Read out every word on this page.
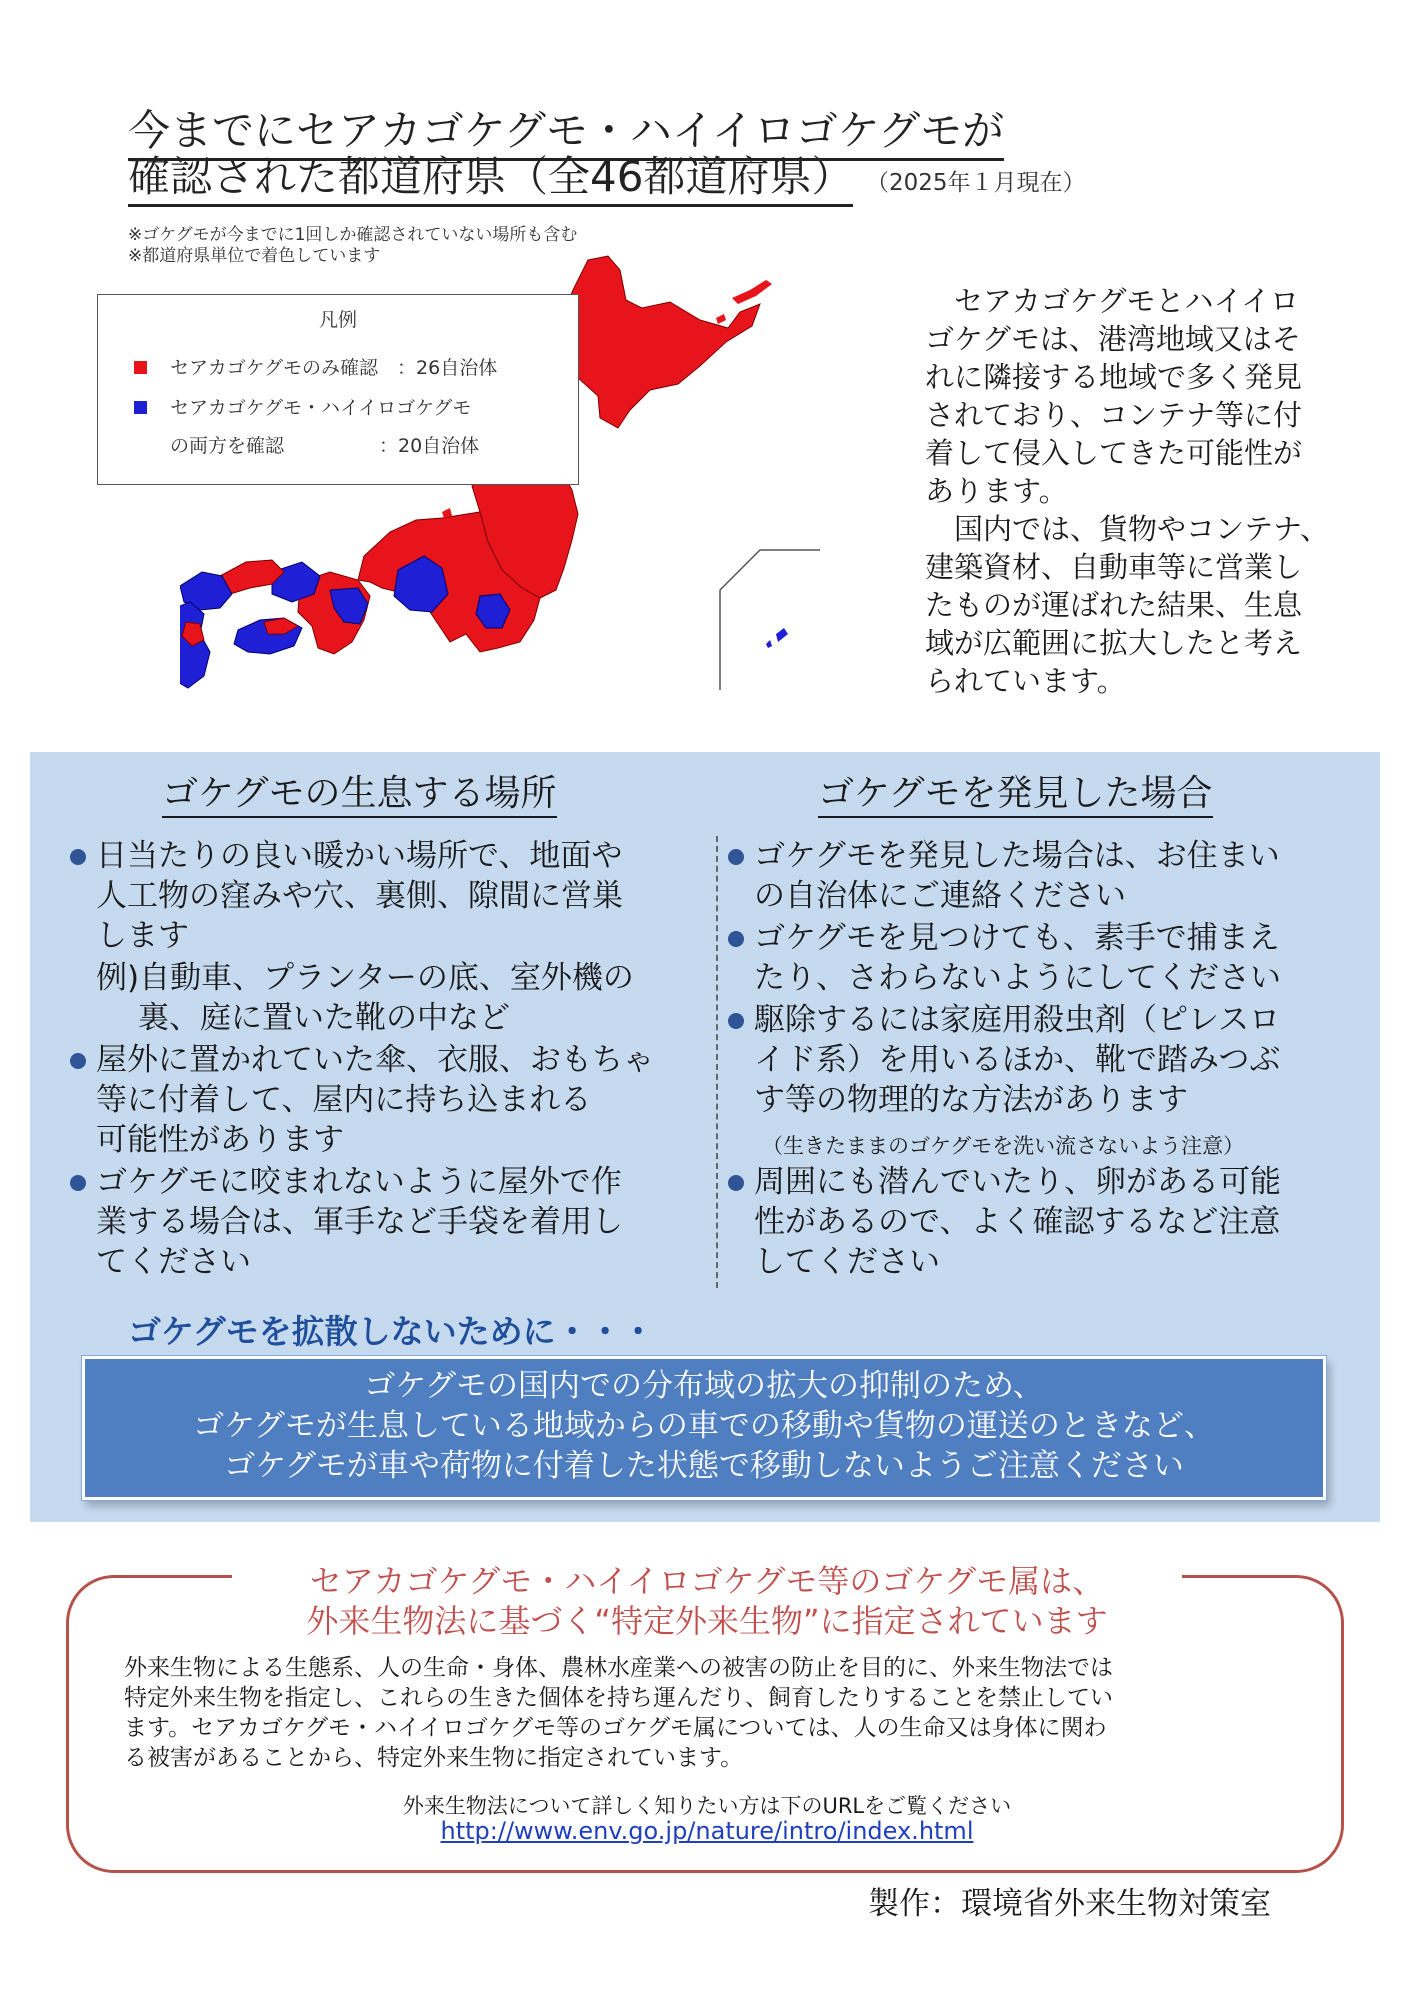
今までにセアカゴケグモ・ハイイロゴケグモが
確認された都道府県（全46都道府県） （2025年１月現在）
※ゴケグモが今までに1回しか確認されていない場所も含む
※都道府県単位で着色しています
凡例
セアカゴケグモのみ確認　：26自治体
セアカゴケグモ・ハイイロゴケグモ
の両方を確認　　　　　：20自治体
　セアカゴケグモとハイイロ
ゴケグモは、港湾地域又はそ
れに隣接する地域で多く発見
されており、コンテナ等に付
着して侵入してきた可能性が
あります。
　国内では、貨物やコンテナ、
建築資材、自動車等に営業し
たものが運ばれた結果、生息
域が広範囲に拡大したと考え
られています。
ゴケグモの生息する場所	ゴケグモを発見した場合
日当たりの良い暖かい場所で、地面や
人工物の窪みや穴、裏側、隙間に営巣
します
例)自動車、プランターの底、室外機の
裏、庭に置いた靴の中など
屋外に置かれていた傘、衣服、おもちゃ
等に付着して、屋内に持ち込まれる
可能性があります
ゴケグモに咬まれないように屋外で作
業する場合は、軍手など手袋を着用し
てください
ゴケグモを発見した場合は、お住まい
の自治体にご連絡ください
ゴケグモを見つけても、素手で捕まえ
たり、さわらないようにしてください
駆除するには家庭用殺虫剤（ピレスロ
イド系）を用いるほか、靴で踏みつぶ
す等の物理的な方法があります
（生きたままのゴケグモを洗い流さないよう注意）
周囲にも潜んでいたり、卵がある可能
性があるので、よく確認するなど注意
してください
ゴケグモを拡散しないために・・・
ゴケグモの国内での分布域の拡大の抑制のため、
ゴケグモが生息している地域からの車での移動や貨物の運送のときなど、
ゴケグモが車や荷物に付着した状態で移動しないようご注意ください
セアカゴケグモ・ハイイロゴケグモ等のゴケグモ属は、
外来生物法に基づく“特定外来生物”に指定されています
外来生物による生態系、人の生命・身体、農林水産業への被害の防止を目的に、外来生物法では
特定外来生物を指定し、これらの生きた個体を持ち運んだり、飼育したりすることを禁止してい
ます。セアカゴケグモ・ハイイロゴケグモ等のゴケグモ属については、人の生命又は身体に関わ
る被害があることから、特定外来生物に指定されています。
外来生物法について詳しく知りたい方は下のURLをご覧ください
http://www.env.go.jp/nature/intro/index.html
製作：環境省外来生物対策室
